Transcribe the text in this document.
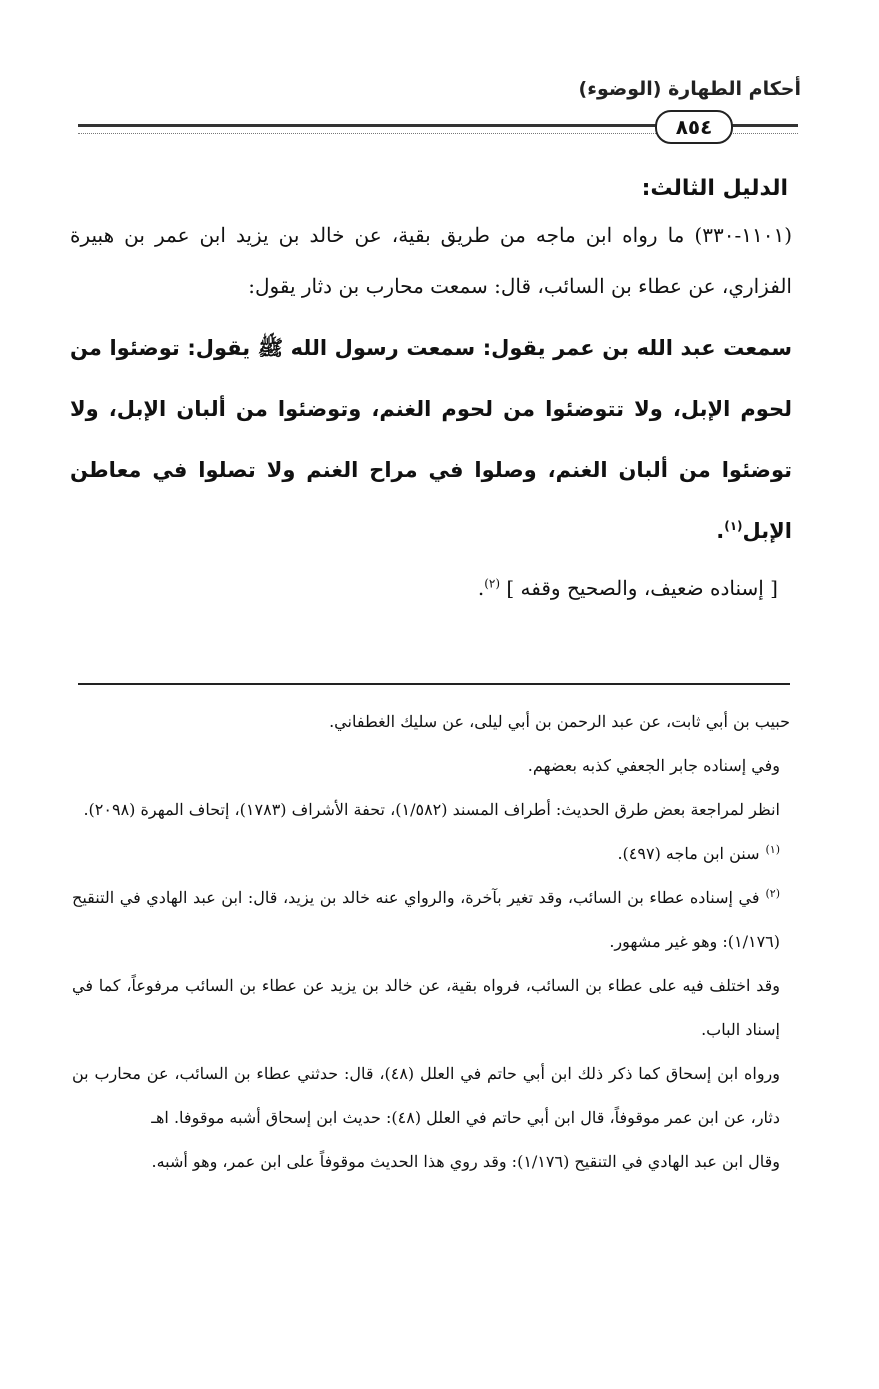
أحكام الطهارة (الوضوء)
٨٥٤

الدليل الثالث:

(١١٠١-٣٣٠) ما رواه ابن ماجه من طريق بقية، عن خالد بن يزيد ابن عمر بن هبيرة الفزاري، عن عطاء بن السائب، قال: سمعت محارب بن دثار يقول:

سمعت عبد الله بن عمر يقول: سمعت رسول الله ﷺ يقول: توضئوا من لحوم الإبل، ولا تتوضئوا من لحوم الغنم، وتوضئوا من ألبان الإبل، ولا توضئوا من ألبان الغنم، وصلوا في مراح الغنم ولا تصلوا في معاطن الإبل$^{(١)}$.

[ إسناده ضعيف، والصحيح وقفه ] $^{(٢)}$.

حبيب بن أبي ثابت، عن عبد الرحمن بن أبي ليلى، عن سليك الغطفاني.

وفي إسناده جابر الجعفي كذبه بعضهم.

انظر لمراجعة بعض طرق الحديث: أطراف المسند (١/٥٨٢)، تحفة الأشراف (١٧٨٣)، إتحاف المهرة (٢٠٩٨).

$^{(١)}$سنن ابن ماجه (٤٩٧).

$^{(٢)}$في إسناده عطاء بن السائب، وقد تغير بآخرة، والرواي عنه خالد بن يزيد، قال: ابن عبد الهادي في التنقيح (١/١٧٦): وهو غير مشهور.

وقد اختلف فيه على عطاء بن السائب، فرواه بقية، عن خالد بن يزيد عن عطاء بن السائب مرفوعاً، كما في إسناد الباب.

ورواه ابن إسحاق كما ذكر ذلك ابن أبي حاتم في العلل (٤٨)، قال: حدثني عطاء بن السائب، عن محارب بن دثار، عن ابن عمر موقوفاً، قال ابن أبي حاتم في العلل (٤٨): حديث ابن إسحاق أشبه موقوفا. اهـ

وقال ابن عبد الهادي في التنقيح (١/١٧٦): وقد روي هذا الحديث موقوفاً على ابن عمر، وهو أشبه.
